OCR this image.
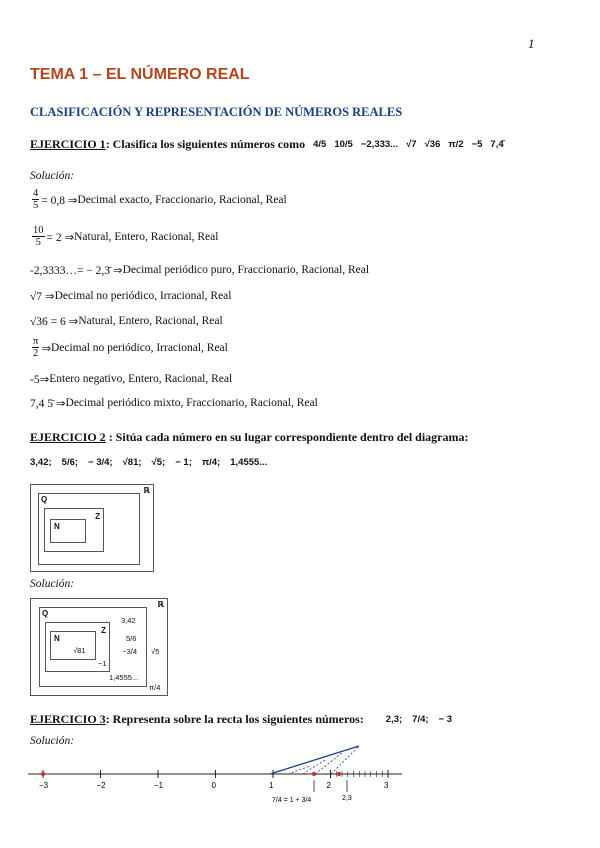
1
TEMA 1 – EL NÚMERO REAL
CLASIFICACIÓN Y REPRESENTACIÓN DE NÚMEROS REALES
EJERCICIO 1 : Clasifica los siguientes números como 4/5 10/5 −2,333... √7 √36 π/2 −5 7,4̄
Solución:
$\frac{4}{5} = 0,8$ ⇒ Decimal exacto, Fraccionario, Racional, Real
$\frac{10}{5} = 2$ ⇒ Natural, Entero, Racional, Real
-2,3333…= − 2,3̄ ⇒ Decimal periódico puro, Fraccionario, Racional, Real
√7 ⇒ Decimal no periódico, Irracional, Real
√36 = 6 ⇒ Natural, Entero, Racional, Real
$\frac{\pi}{2}$ ⇒ Decimal no periódico, Irracional, Real
-5⇒ Entero negativo, Entero, Racional, Real
7,4 5̄ ⇒ Decimal periódico mixto, Fraccionario, Racional, Real
EJERCICIO 2 : Sitúa cada número en su lugar correspondiente dentro del diagrama:
3,42; 5/6; − 3/4; √81; √5; − 1; π/4; 1,4555...
ℝ
Q
Z
N
Solución:
ℝ
Q
3,42
5/6
1,4555...
Z
−3/4
−1
N
√81	√5
π/4
EJERCICIO 3 : Representa sobre la recta los siguientes números: 2,3; 7/4; − 3
Solución:
−3	−2	−1	0	1	2	3
7/4 = 1 + 3/4	2,3
